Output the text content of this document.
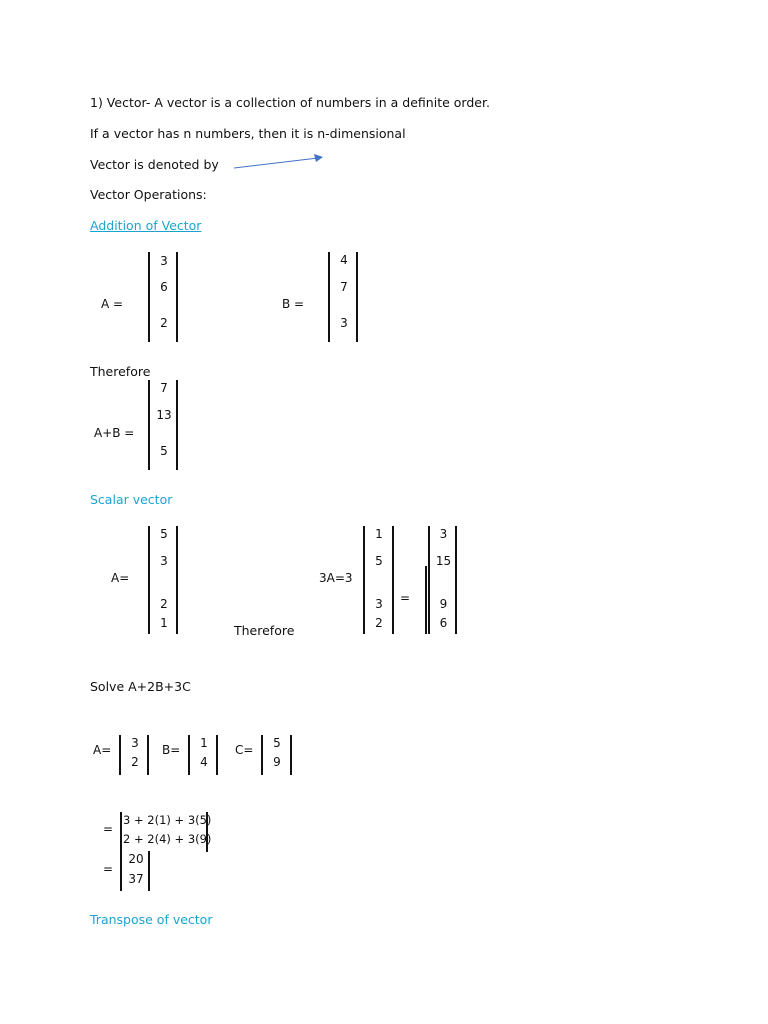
1) Vector- A vector is a collection of numbers in a definite order.
If a vector has n numbers, then it is n-dimensional
Vector is denoted by
Vector Operations:
Addition of Vector
A =
3
6
2
B =
4
7
3
Therefore
A+B =
7
13
5
Scalar vector
A=
5
3
2
1	Therefore
3A=3
1
5
3
2
=
3
15
9
6
Solve A+2B+3C
A=	3
2
B=	1
4
C=	5
9
=
3 + 2(1) + 3(5)
2 + 2(4) + 3(9)
=
20
37
Transpose of vector
